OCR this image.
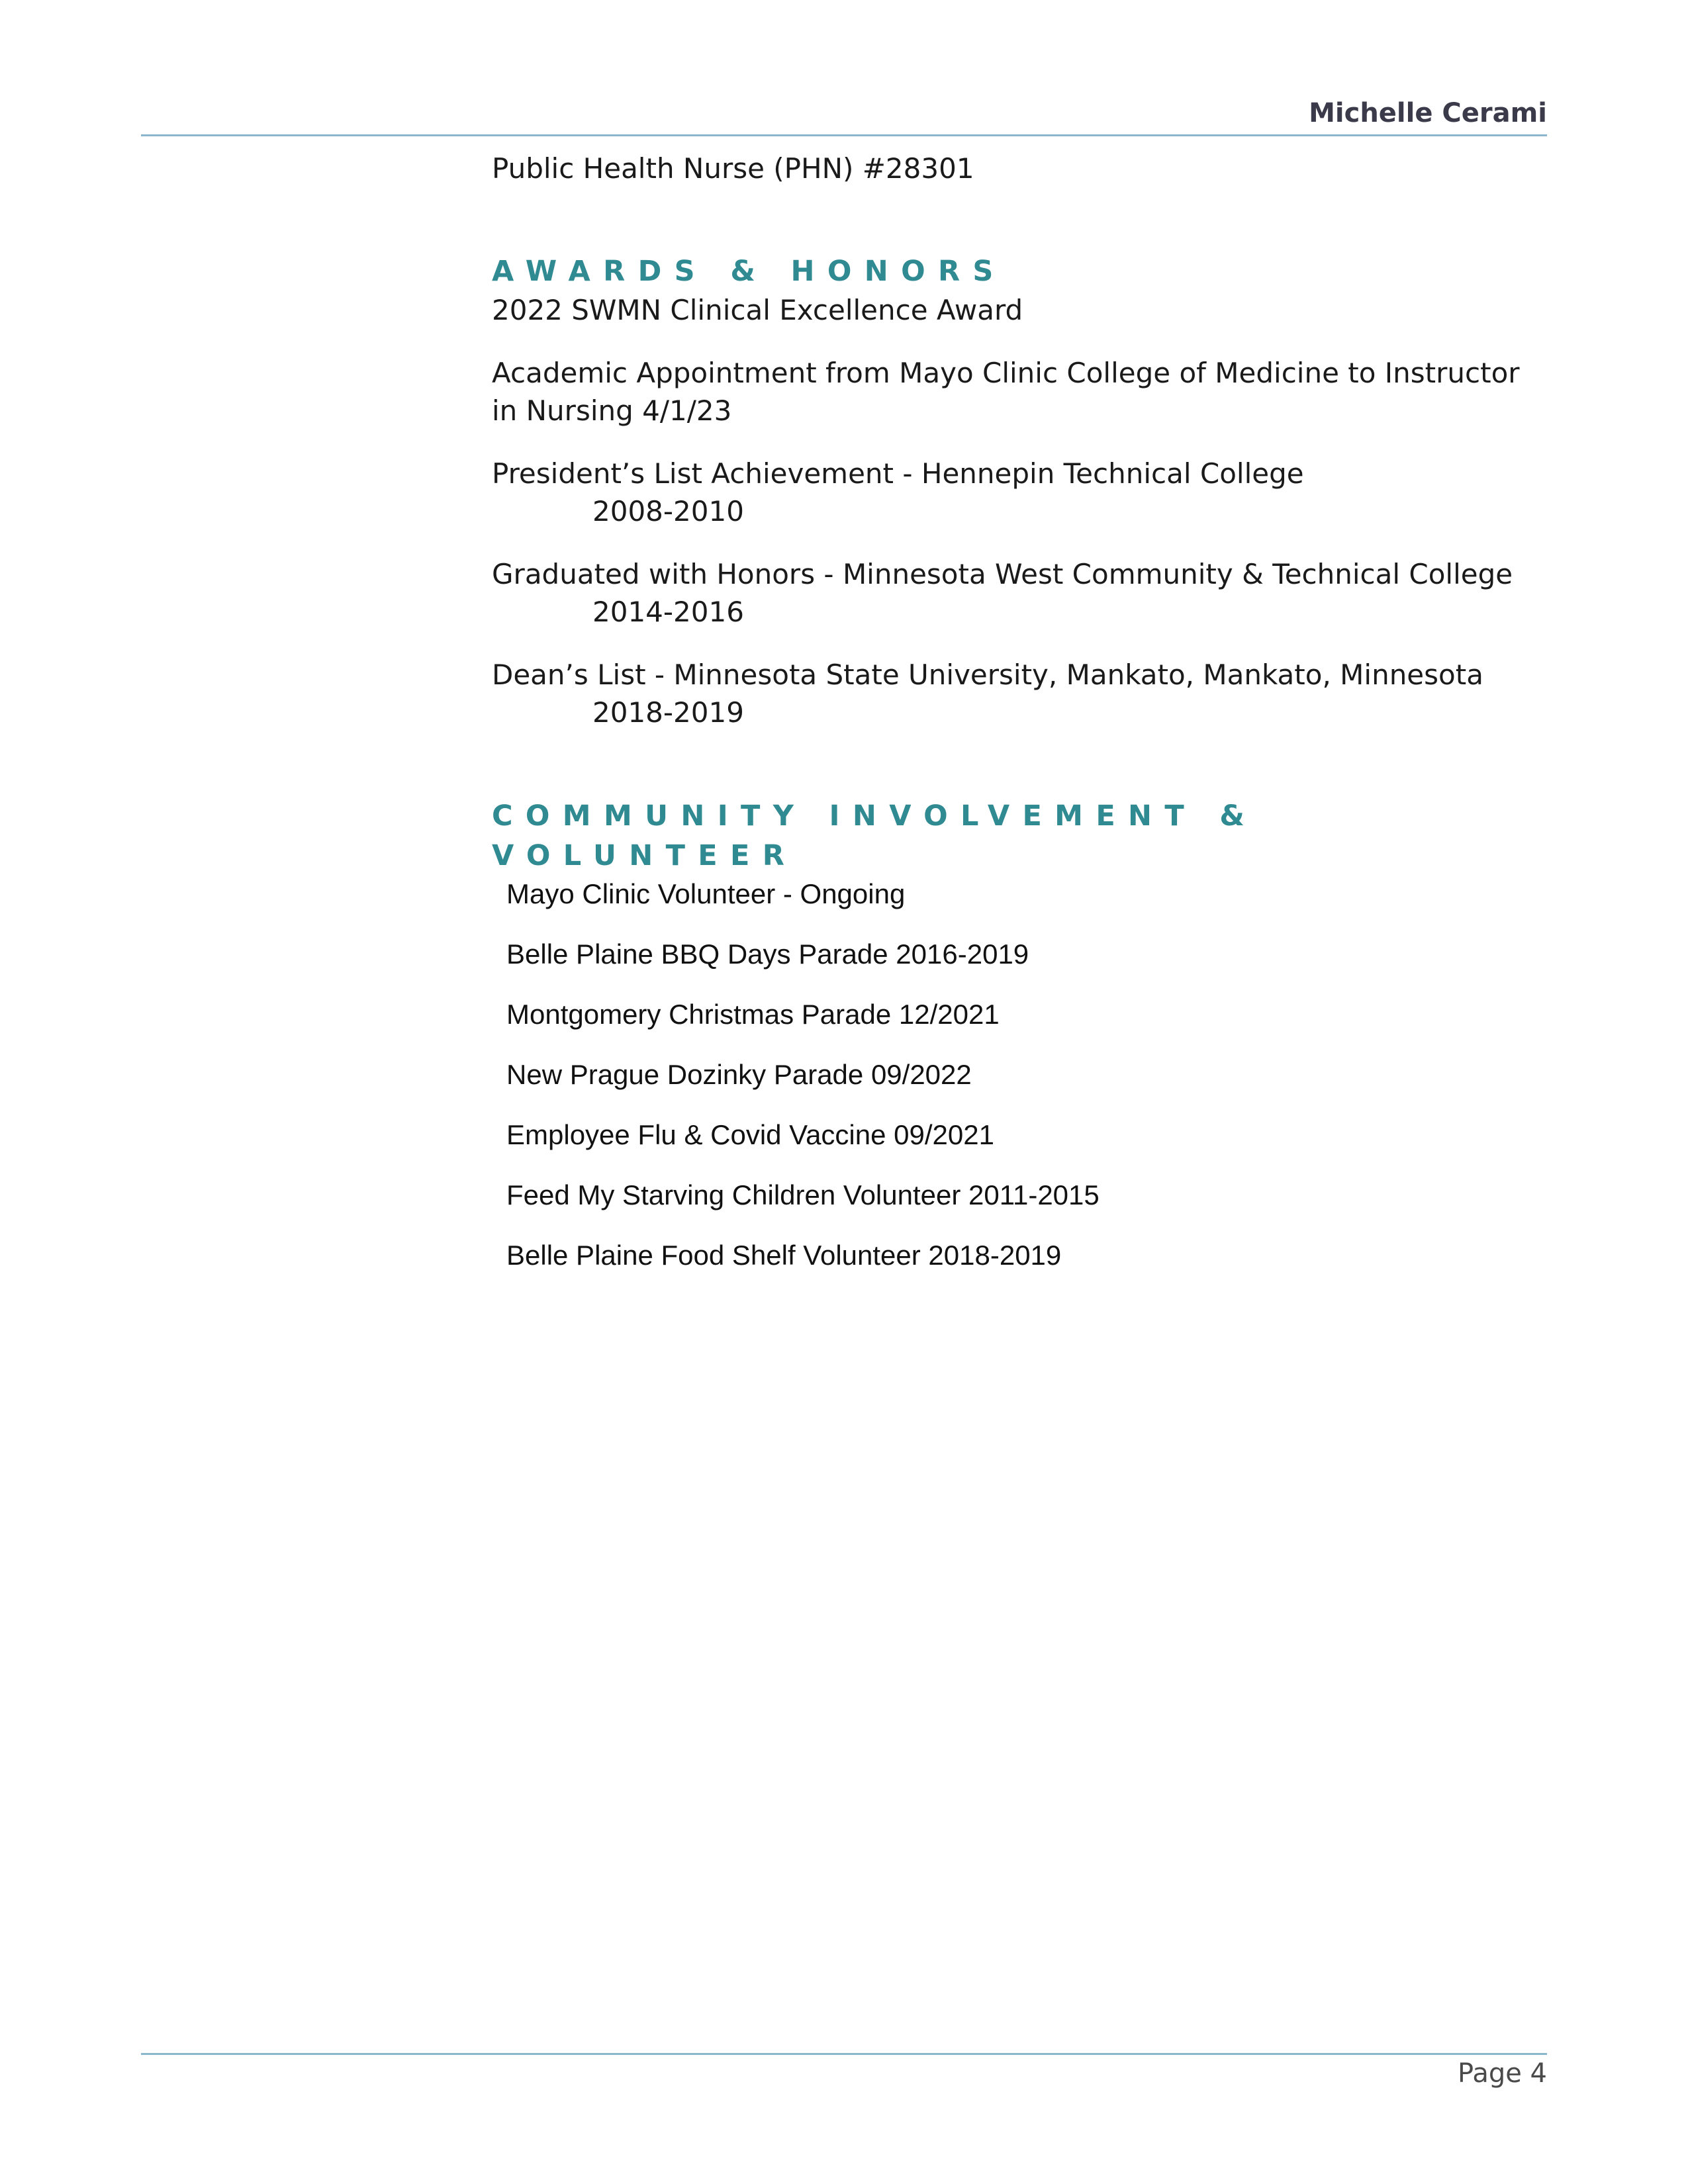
Michelle Cerami

Public Health Nurse (PHN) #28301

AWARDS & HONORS

2022 SWMN Clinical Excellence Award

Academic Appointment from Mayo Clinic College of Medicine to Instructor in Nursing 4/1/23

President’s List Achievement - Hennepin Technical College

2008-2010

Graduated with Honors - Minnesota West Community & Technical College

2014-2016

Dean’s List - Minnesota State University, Mankato, Mankato, Minnesota

2018-2019

COMMUNITY INVOLVEMENT & VOLUNTEER
Mayo Clinic Volunteer - Ongoing
Belle Plaine BBQ Days Parade 2016-2019
Montgomery Christmas Parade 12/2021
New Prague Dozinky Parade 09/2022
Employee Flu & Covid Vaccine 09/2021
Feed My Starving Children Volunteer 2011-2015
Belle Plaine Food Shelf Volunteer 2018-2019
Page 4
